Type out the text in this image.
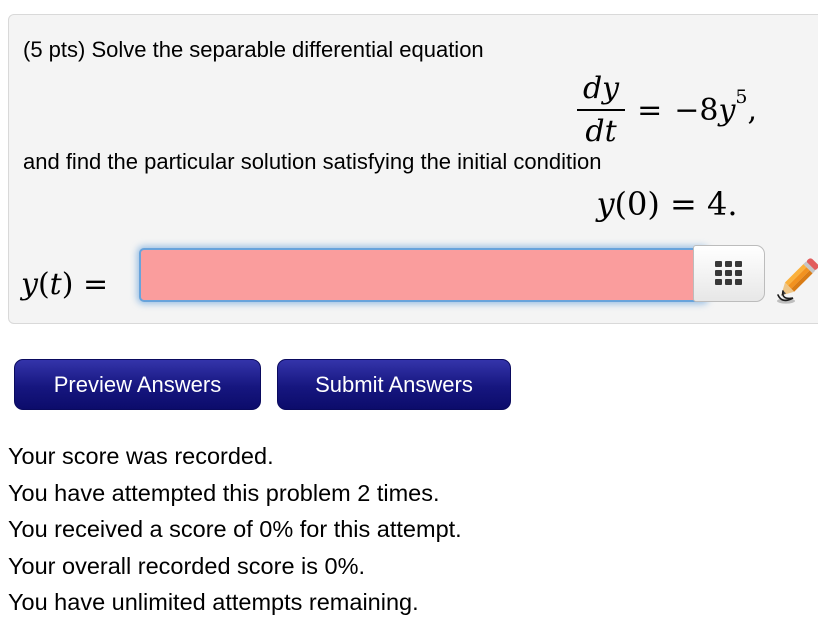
(5 pts) Solve the separable differential equation
$\frac{dy}{dt} = -8$ y 5 ,
and find the particular solution satisfying the initial condition
y (0) = 4.
y(t) =
Preview Answers	Submit Answers
Your score was recorded.
You have attempted this problem 2 times.
You received a score of 0% for this attempt.
Your overall recorded score is 0%.
You have unlimited attempts remaining.
